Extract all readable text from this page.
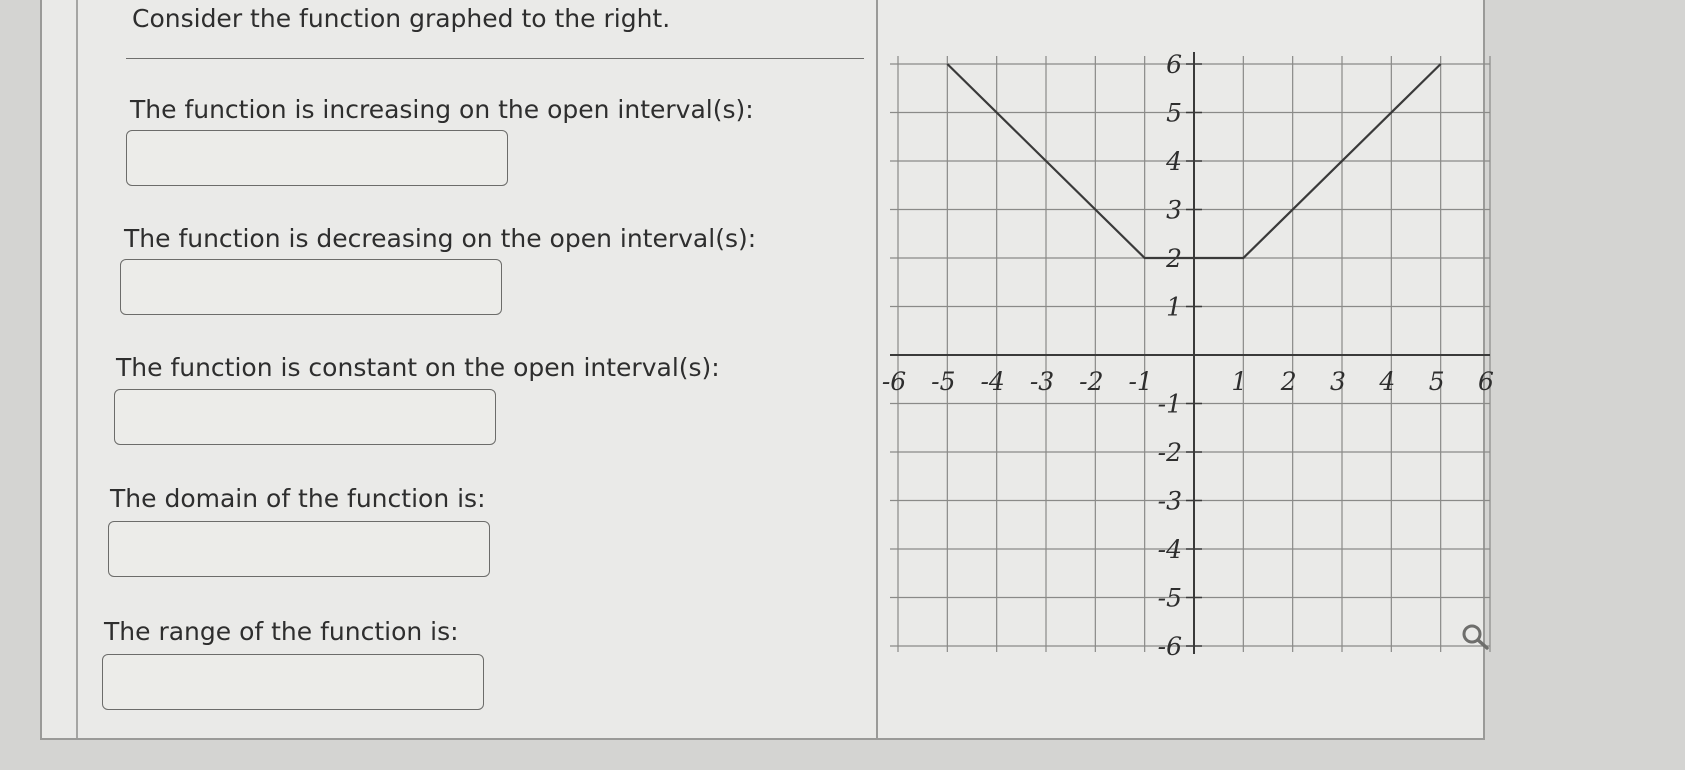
Consider the function graphed to the right.
The function is increasing on the open interval(s):
The function is decreasing on the open interval(s):
The function is constant on the open interval(s):
The domain of the function is:
The range of the function is:
-6 -5 -4 -3 -2 -1	1 2 3 4 5 6
6
5
4
3
2
1
-1
-2
-3
-4
-5
-6
